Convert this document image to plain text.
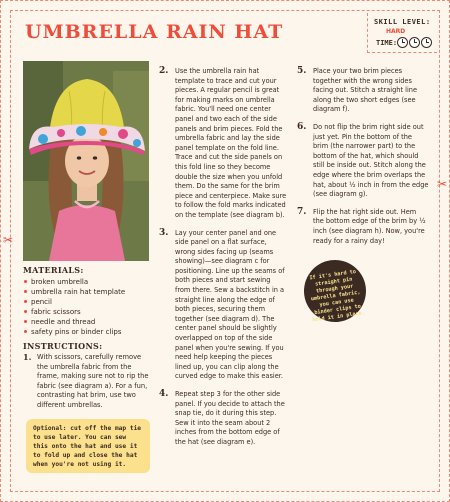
UMBRELLA RAIN HAT	SKILL LEVEL:
HARD
TIME:
MATERIALS:
broken umbrella
umbrella rain hat template
pencil
fabric scissors
needle and thread
safety pins or binder clips
INSTRUCTIONS:
1. With scissors, carefully remove the umbrella fabric from the frame, making sure not to rip the fabric (see diagram a). For a fun, contrasting hat brim, use two different umbrellas.
Optional: cut off the map tie to use later. You can sew this onto the hat and use it to fold up and close the hat when you're not using it.
2. Use the umbrella rain hat template to trace and cut your pieces. A regular pencil is great for making marks on umbrella fabric. You'll need one center panel and two each of the side panels and brim pieces. Fold the umbrella fabric and lay the side panel template on the fold line. Trace and cut the side panels on this fold line so they become double the size when you unfold them. Do the same for the brim piece and centerpiece. Make sure to follow the fold marks indicated on the template (see diagram b).
3. Lay your center panel and one side panel on a flat surface, wrong sides facing up (seams showing)—see diagram c for positioning. Line up the seams of both pieces and start sewing from there. Sew a backstitch in a straight line along the edge of both pieces, securing them together (see diagram d). The center panel should be slightly overlapped on top of the side panel when you're sewing. If you need help keeping the pieces lined up, you can clip along the curved edge to make this easier.
4. Repeat step 3 for the other side panel. If you decide to attach the snap tie, do it during this step. Sew it into the seam about 2 inches from the bottom edge of the hat (see diagram e).
5. Place your two brim pieces together with the wrong sides facing out. Stitch a straight line along the two short edges (see diagram f).
6. Do not flip the brim right side out just yet. Pin the bottom of the brim (the narrower part) to the bottom of the hat, which should still be inside out. Stitch along the edge where the brim overlaps the hat, about ½ inch in from the edge (see diagram g).
7. Flip the hat right side out. Hem the bottom edge of the brim by ½ inch (see diagram h). Now, you're ready for a rainy day!
If it's hard to straight pin through your umbrella fabric, you can use binder clips to hold it in place.
✂
✂
